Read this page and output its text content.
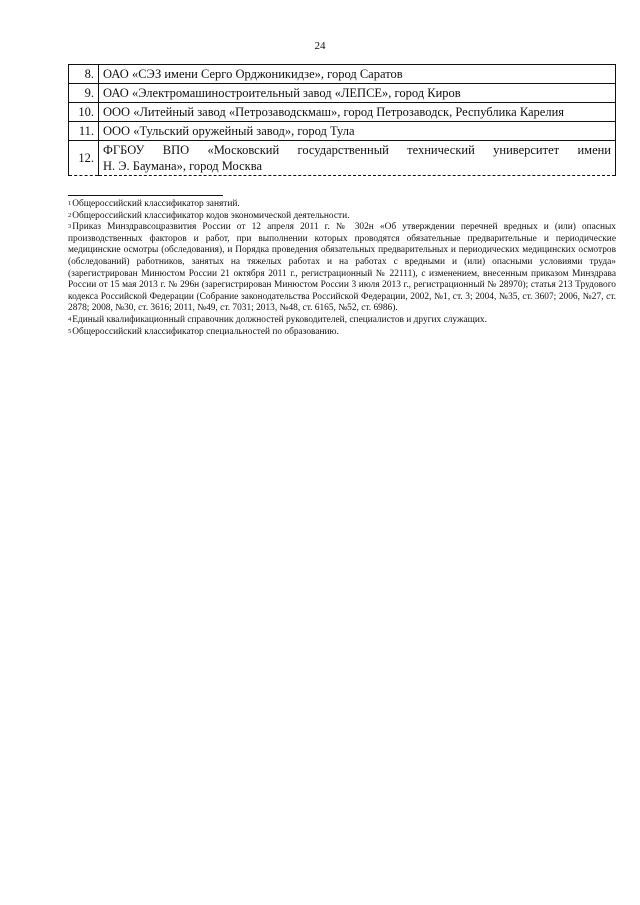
24
8.	ОАО «СЭЗ имени Серго Орджоникидзе», город Саратов
9.	ОАО «Электромашиностроительный завод «ЛЕПСЕ», город Киров
10.	ООО «Литейный завод «Петрозаводскмаш», город Петрозаводск, Республика Карелия
11.	ООО «Тульский оружейный завод», город Тула
12.	ФГБОУ ВПО «Московский государственный технический университет имени
Н. Э. Баумана», город Москва

$^1$Общероссийский классификатор занятий.

$^2$Общероссийский классификатор кодов экономической деятельности.

$^3$Приказ Минздравсоцразвития России от 12 апреля 2011 г. № 302н «Об утверждении перечней вредных и (или) опасных производственных факторов и работ, при выполнении которых проводятся обязательные предварительные и периодические медицинские осмотры (обследования), и Порядка проведения обязательных предварительных и периодических медицинских осмотров (обследований) работников, занятых на тяжелых работах и на работах с вредными и (или) опасными условиями труда» (зарегистрирован Минюстом России 21 октября 2011 г., регистрационный № 22111), с изменением, внесенным приказом Минздрава России от 15 мая 2013 г. № 296н (зарегистрирован Минюстом России 3 июля 2013 г., регистрационный № 28970); статья 213 Трудового кодекса Российской Федерации (Собрание законодательства Российской Федерации, 2002, №1, ст. 3; 2004, №35, ст. 3607; 2006, №27, ст. 2878; 2008, №30, ст. 3616; 2011, №49, ст. 7031; 2013, №48, ст. 6165, №52, ст. 6986).

$^4$Единый квалификационный справочник должностей руководителей, специалистов и других служащих.

$^5$Общероссийский классификатор специальностей по образованию.
